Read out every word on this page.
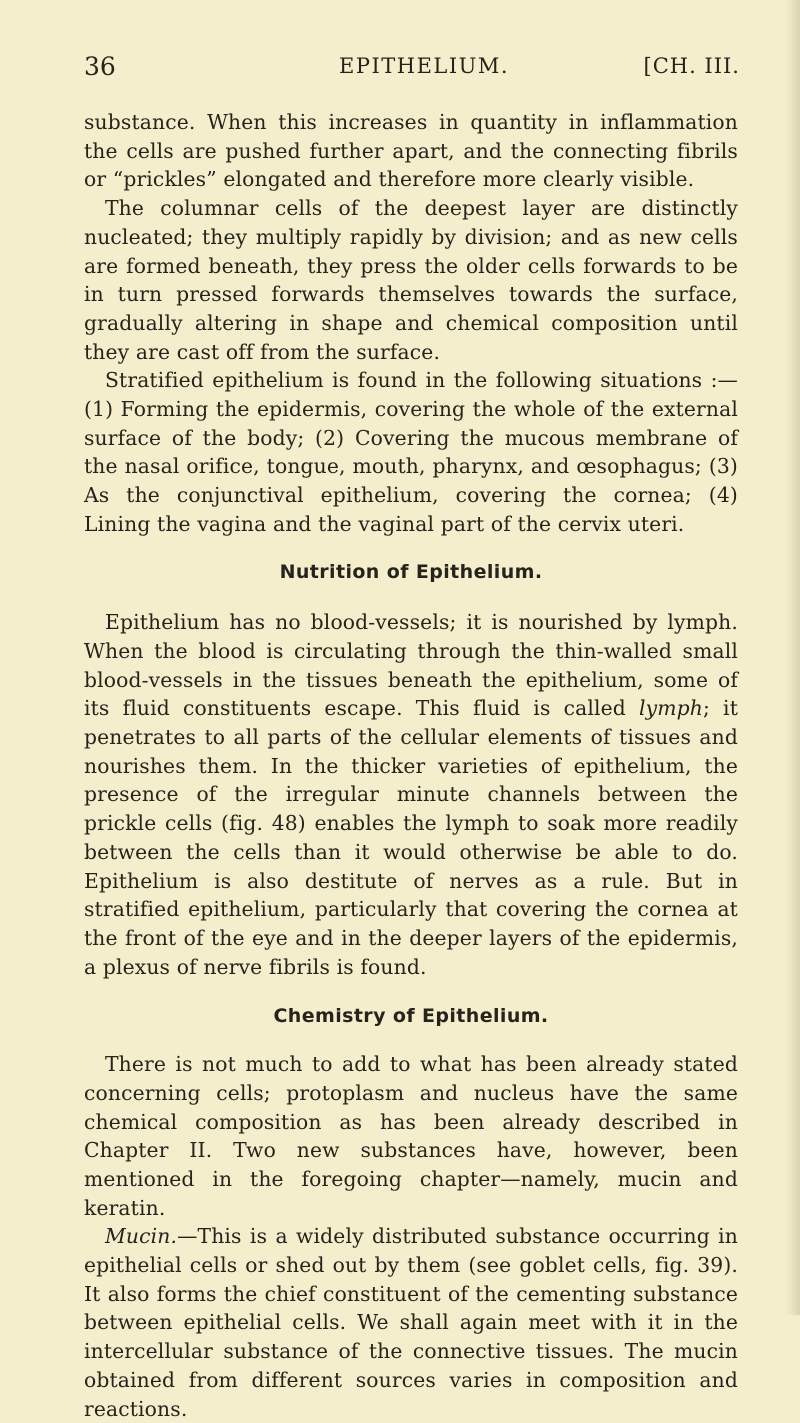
36	EPITHELIUM.	[CH. III.

substance. When this increases in quantity in inflammation the cells are pushed further apart, and the connecting fibrils or “prickles” elongated and therefore more clearly visible.

The columnar cells of the deepest layer are distinctly nucleated; they multiply rapidly by division; and as new cells are formed beneath, they press the older cells forwards to be in turn pressed forwards themselves towards the surface, gradually altering in shape and chemical composition until they are cast off from the surface.

Stratified epithelium is found in the following situations :— (1) Forming the epidermis, covering the whole of the external surface of the body; (2) Covering the mucous membrane of the nasal orifice, tongue, mouth, pharynx, and œsophagus; (3) As the conjunctival epithelium, covering the cornea; (4) Lining the vagina and the vaginal part of the cervix uteri.

Nutrition of Epithelium.

Epithelium has no blood-vessels; it is nourished by lymph. When the blood is circulating through the thin-walled small blood-vessels in the tissues beneath the epithelium, some of its fluid constituents escape. This fluid is called lymph; it penetrates to all parts of the cellular elements of tissues and nourishes them. In the thicker varieties of epithelium, the presence of the irregular minute channels between the prickle cells (fig. 48) enables the lymph to soak more readily between the cells than it would otherwise be able to do. Epithelium is also destitute of nerves as a rule. But in stratified epithelium, particularly that covering the cornea at the front of the eye and in the deeper layers of the epidermis, a plexus of nerve fibrils is found.

Chemistry of Epithelium.

There is not much to add to what has been already stated concerning cells; protoplasm and nucleus have the same chemical composition as has been already described in Chapter II. Two new substances have, however, been mentioned in the foregoing chapter—namely, mucin and keratin.

Mucin.—This is a widely distributed substance occurring in epithelial cells or shed out by them (see goblet cells, fig. 39). It also forms the chief constituent of the cementing substance between epithelial cells. We shall again meet with it in the intercellular substance of the connective tissues. The mucin obtained from different sources varies in composition and reactions.
